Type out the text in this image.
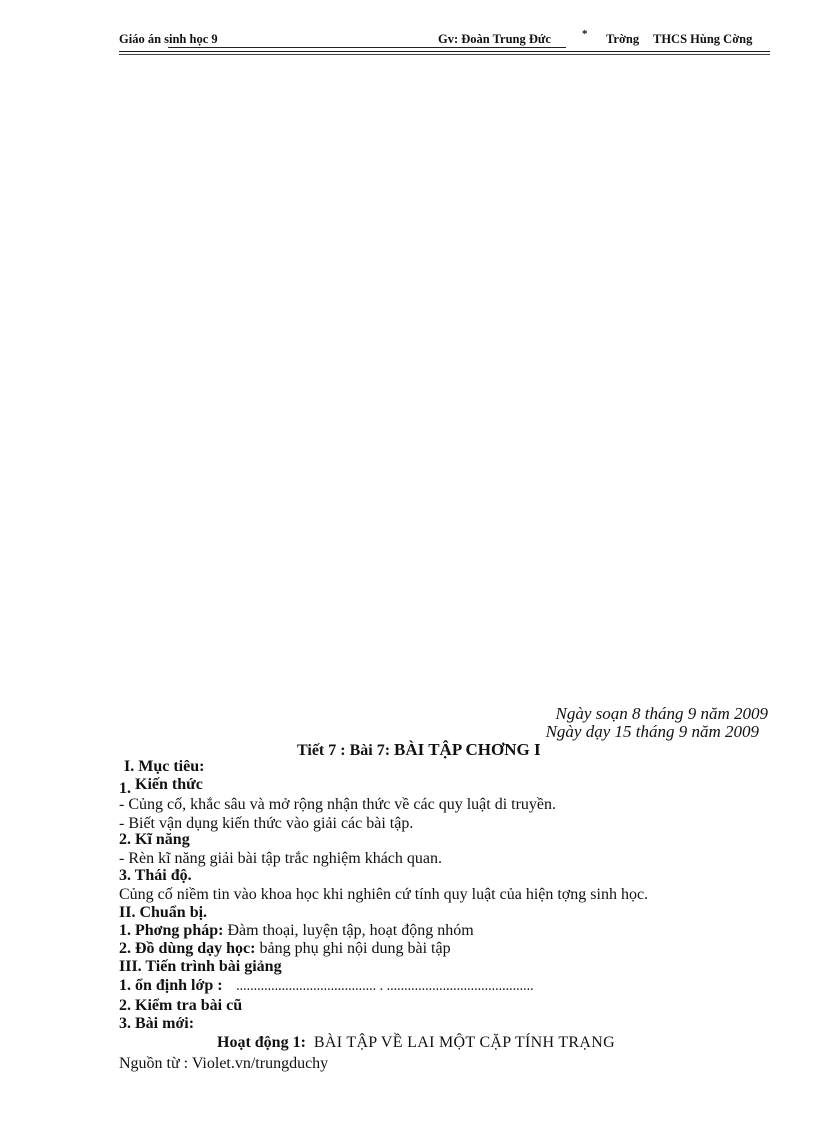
Giáo án sinh học 9	Gv: Đoàn Trung Đức	* Trờng THCS Hùng Cờng
Ngày soạn 8 tháng 9 năm 2009
Ngày dạy 15 tháng 9 năm 2009
Tiết 7 : Bài 7: BÀI TẬP CHƠNG I
I. Mục tiêu:
1. Kiến thức
- Củng cố, khắc sâu và mở rộng nhận thức về các quy luật di truyền.
- Biết vận dụng kiến thức vào giải các bài tập.
2. Kĩ năng
- Rèn kĩ năng giải bài tập trắc nghiệm khách quan.
3. Thái độ.
Củng cố niềm tin vào khoa học khi nghiên cứ tính quy luật của hiện tợng sinh học.
II. Chuẩn bị.
1. Phơng pháp: Đàm thoại, luyện tập, hoạt động nhóm
2. Đồ dùng dạy học: bảng phụ ghi nội dung bài tập
III. Tiến trình bài giảng
1. ổn định lớp : ........................................ . ..........................................
2. Kiểm tra bài cũ
3. Bài mới:
Hoạt động 1: BÀI TẬP VỀ LAI MỘT CẶP TÍNH TRẠNG
Nguồn từ : Violet.vn/trungduchy
